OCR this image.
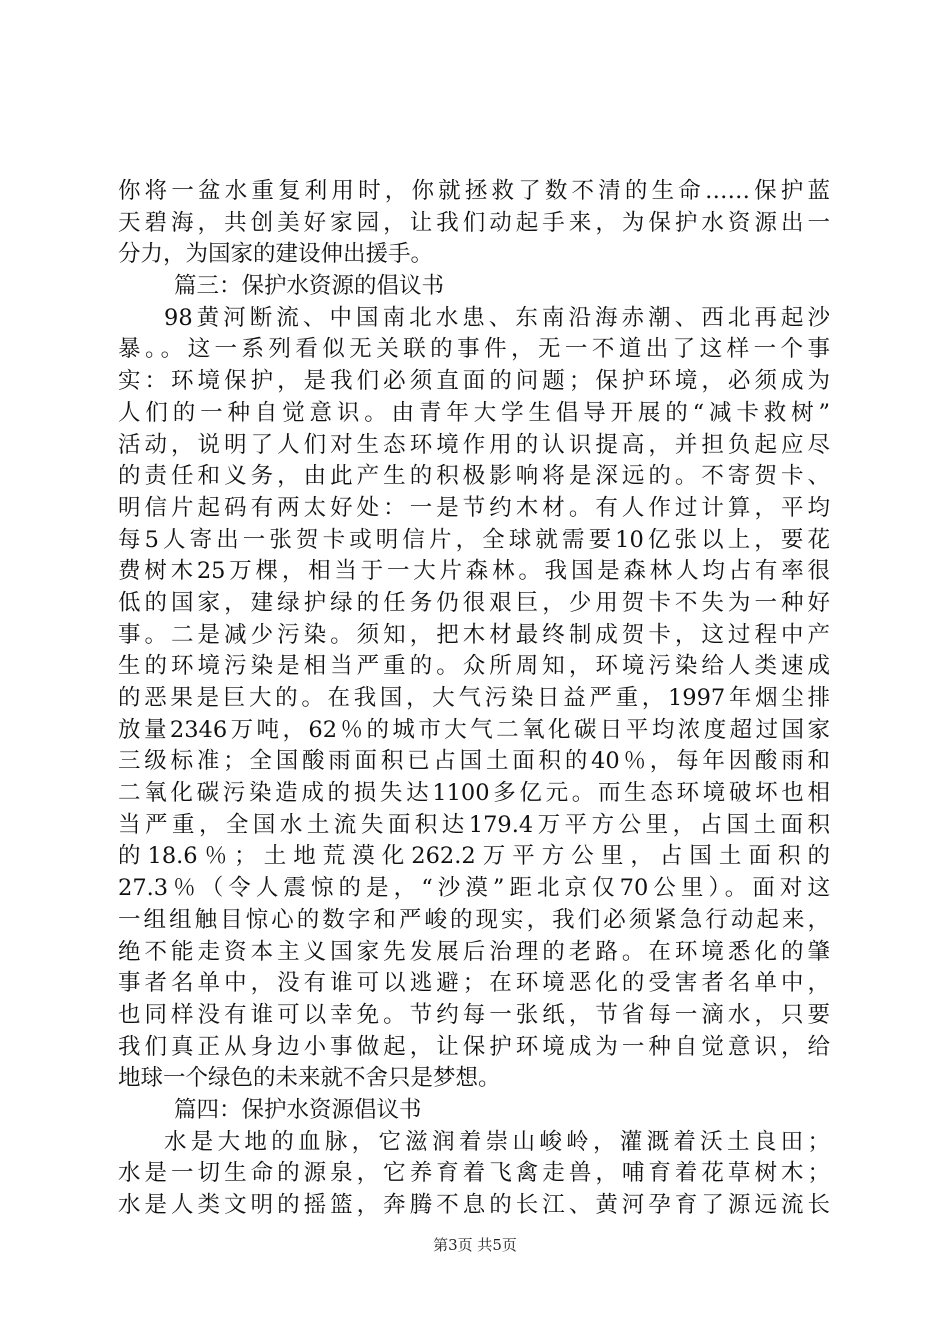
你将一盆水重复利用时，你就拯救了数不清的生命……保护蓝
天碧海，共创美好家园，让我们动起手来，为保护水资源出一
分力，为国家的建设伸出援手。
篇三：保护水资源的倡议书
98黄河断流、中国南北水患、东南沿海赤潮、西北再起沙
暴。。这一系列看似无关联的事件，无一不道出了这样一个事
实：环境保护，是我们必须直面的问题；保护环境，必须成为
人们的一种自觉意识。由青年大学生倡导开展的“减卡救树”
活动，说明了人们对生态环境作用的认识提高，并担负起应尽
的责任和义务，由此产生的积极影响将是深远的。不寄贺卡、
明信片起码有两太好处：一是节约木材。有人作过计算，平均
每5人寄出一张贺卡或明信片，全球就需要10亿张以上，要花
费树木25万棵，相当于一大片森林。我国是森林人均占有率很
低的国家，建绿护绿的任务仍很艰巨，少用贺卡不失为一种好
事。二是减少污染。须知，把木材最终制成贺卡，这过程中产
生的环境污染是相当严重的。众所周知，环境污染给人类速成
的恶果是巨大的。在我国，大气污染日益严重，1997年烟尘排
放量2346万吨，62％的城市大气二氧化碳日平均浓度超过国家
三级标准；全国酸雨面积已占国土面积的40％，每年因酸雨和
二氧化碳污染造成的损失达1100多亿元。而生态环境破坏也相
当严重，全国水土流失面积达179.4万平方公里，占国土面积
的18.6％；土地荒漠化262.2万平方公里，占国土面积的
27.3％（令人震惊的是，“沙漠”距北京仅70公里）。面对这
一组组触目惊心的数字和严峻的现实，我们必须紧急行动起来，
绝不能走资本主义国家先发展后治理的老路。在环境悉化的肇
事者名单中，没有谁可以逃避；在环境恶化的受害者名单中，
也同样没有谁可以幸免。节约每一张纸，节省每一滴水，只要
我们真正从身边小事做起，让保护环境成为一种自觉意识，给
地球一个绿色的未来就不舍只是梦想。
篇四：保护水资源倡议书
水是大地的血脉，它滋润着崇山峻岭，灌溉着沃土良田；
水是一切生命的源泉，它养育着飞禽走兽，哺育着花草树木；
水是人类文明的摇篮，奔腾不息的长江、黄河孕育了源远流长
第3页 共5页
